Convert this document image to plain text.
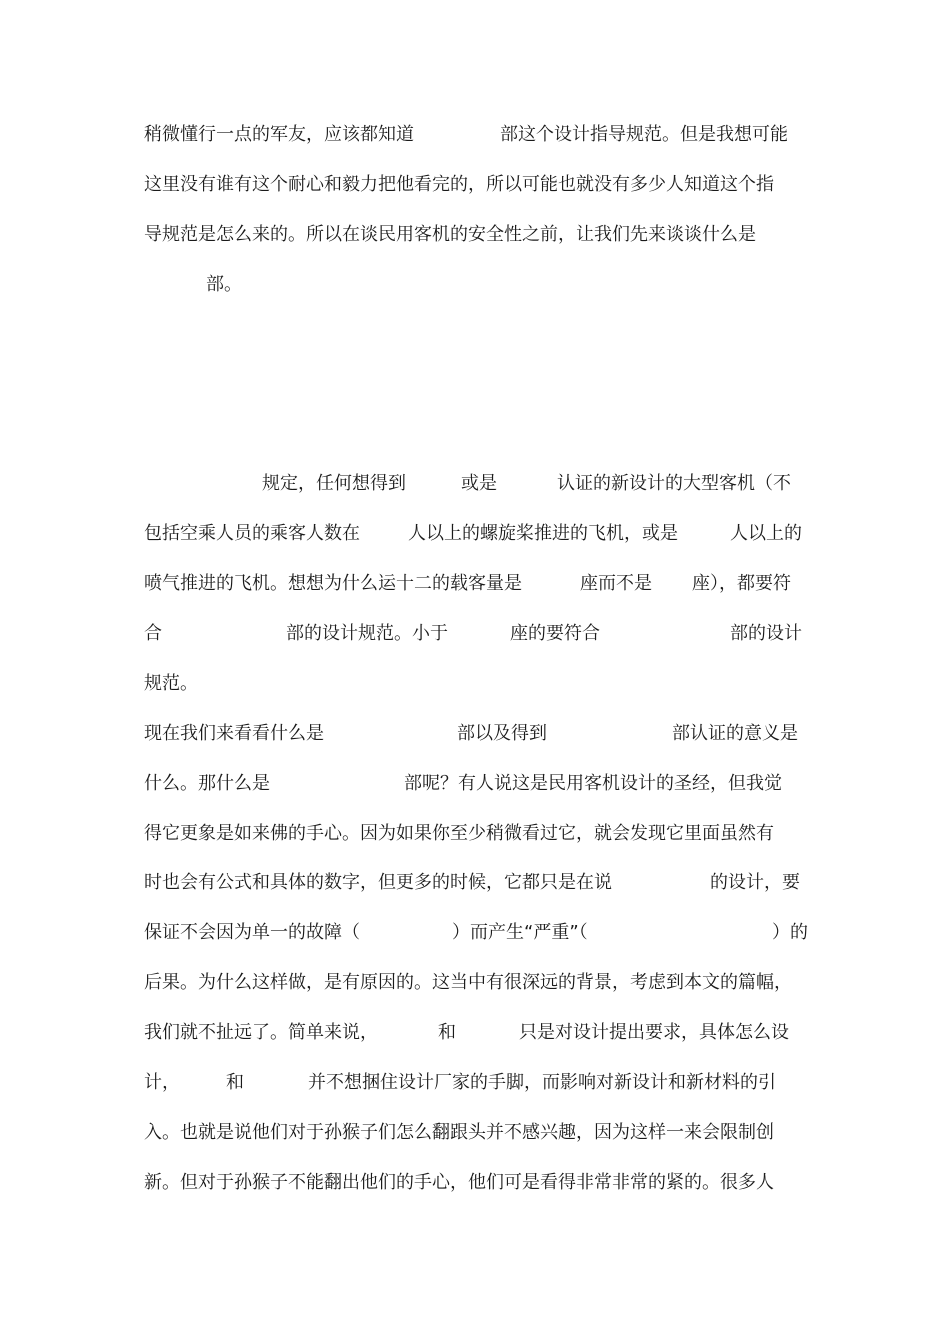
稍微懂行一点的军友，应该都知道	部这个设计指导规范。但是我想可能
这里没有谁有这个耐心和毅力把他看完的，所以可能也就没有多少人知道这个指
导规范是怎么来的。所以在谈民用客机的安全性之前，让我们先来谈谈什么是
部。
规定，任何想得到	或是	认证的新设计的大型客机（不
包括空乘人员的乘客人数在	人以上的螺旋桨推进的飞机，或是	人以上的
喷气推进的飞机。想想为什么运十二的载客量是	座而不是 座），都要符
合	部的设计规范。小于	座的要符合	部的设计
规范。
现在我们来看看什么是	部以及得到	部认证的意义是
什么。那什么是	部呢？有人说这是民用客机设计的圣经，但我觉
得它更象是如来佛的手心。因为如果你至少稍微看过它，就会发现它里面虽然有
时也会有公式和具体的数字，但更多的时候，它都只是在说	的设计，要
保证不会因为单一的故障（	）而产生“严重”（	）的
后果。为什么这样做，是有原因的。这当中有很深远的背景，考虑到本文的篇幅，
我们就不扯远了。简单来说，	和	只是对设计提出要求，具体怎么设
计，	和	并不想捆住设计厂家的手脚，而影响对新设计和新材料的引
入。也就是说他们对于孙猴子们怎么翻跟头并不感兴趣，因为这样一来会限制创
新。但对于孙猴子不能翻出他们的手心，他们可是看得非常非常的紧的。很多人
